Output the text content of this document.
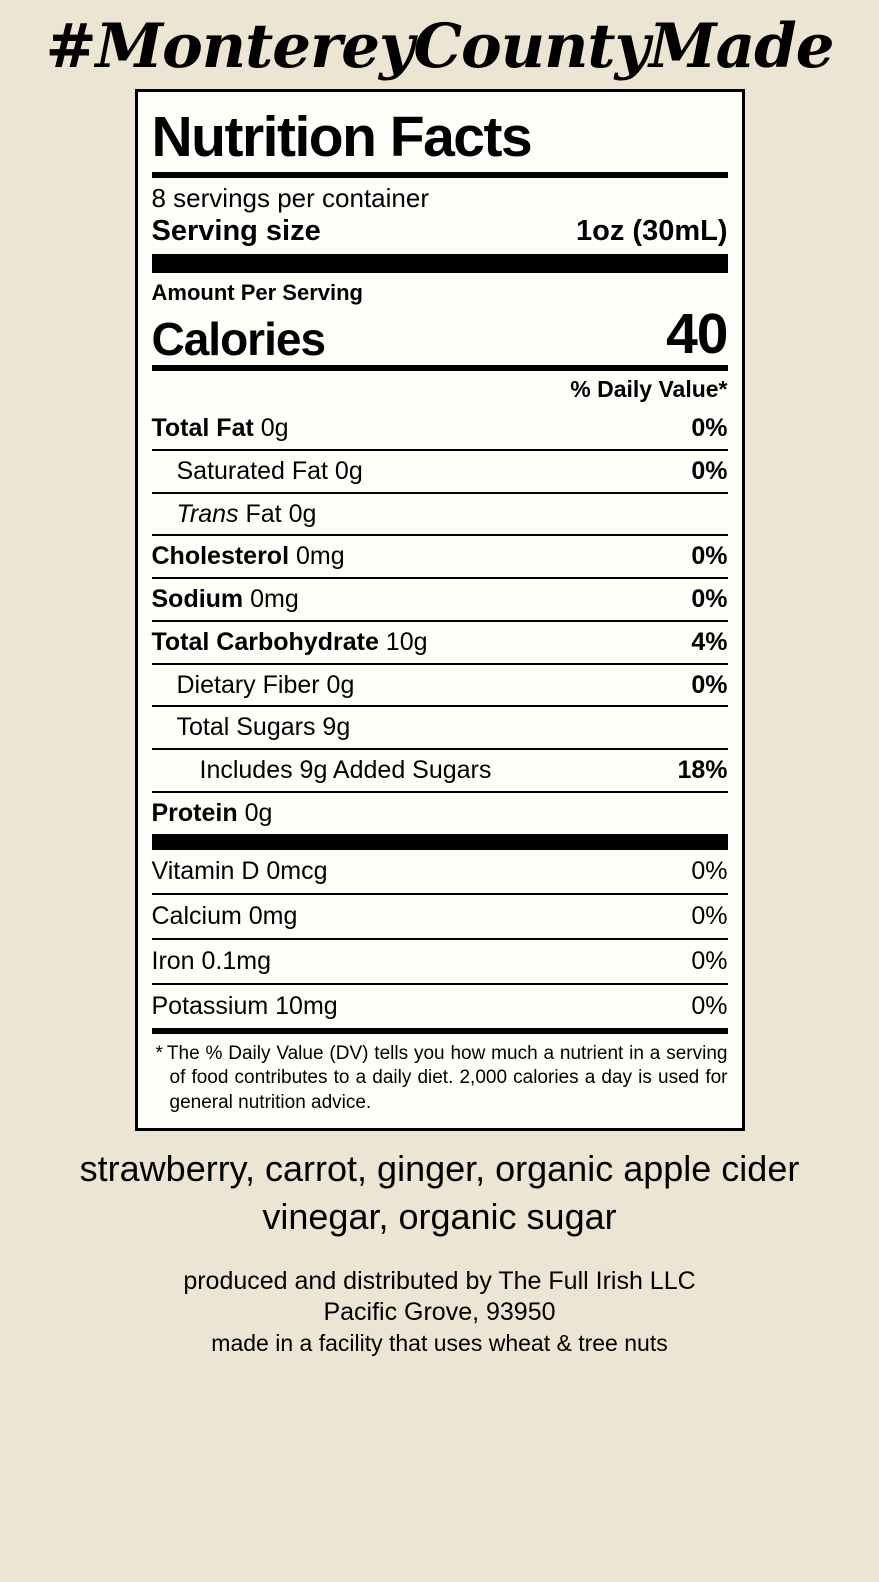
#MontereyCountyMade
Nutrition Facts
8 servings per container
Serving size	1oz (30mL)
Amount Per Serving
Calories	40
% Daily Value*
Total Fat 0g	0%
Saturated Fat 0g	0%
Trans Fat 0g
Cholesterol 0mg	0%
Sodium 0mg	0%
Total Carbohydrate 10g	4%
Dietary Fiber 0g	0%
Total Sugars 9g
Includes 9g Added Sugars	18%
Protein 0g
Vitamin D 0mcg	0%
Calcium 0mg	0%
Iron 0.1mg	0%
Potassium 10mg	0%
* The % Daily Value (DV) tells you how much a nutrient in a serving of food contributes to a daily diet. 2,000 calories a day is used for general nutrition advice.
strawberry, carrot, ginger, organic apple cider vinegar, organic sugar
produced and distributed by The Full Irish LLC
Pacific Grove, 93950
made in a facility that uses wheat & tree nuts
